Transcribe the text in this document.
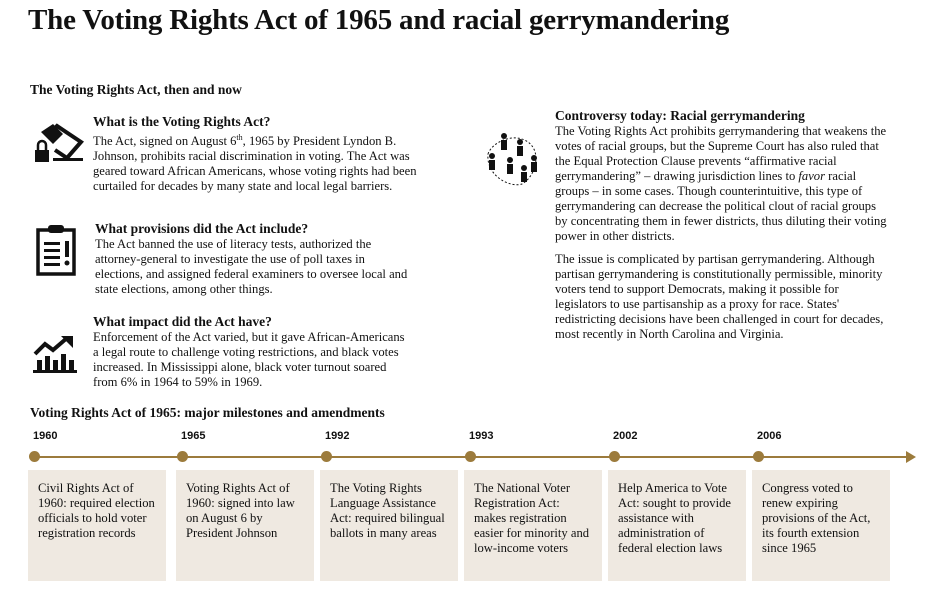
The Voting Rights Act of 1965 and racial gerrymandering
The Voting Rights Act, then and now
What is the Voting Rights Act?

The Act, signed on August 6th, 1965 by President Lyndon B. Johnson, prohibits racial discrimination in voting. The Act was geared toward African Americans, whose voting rights had been curtailed for decades by many state and local legal barriers.

What provisions did the Act include?

The Act banned the use of literacy tests, authorized the attorney-general to investigate the use of poll taxes in elections, and assigned federal examiners to oversee local and state elections, among other things.

What impact did the Act have?

Enforcement of the Act varied, but it gave African-Americans a legal route to challenge voting restrictions, and black votes increased. In Mississippi alone, black voter turnout soared from 6% in 1964 to 59% in 1969.

Controversy today: Racial gerrymandering

The Voting Rights Act prohibits gerrymandering that weakens the votes of racial groups, but the Supreme Court has also ruled that the Equal Protection Clause prevents “affirmative racial gerrymandering” – drawing jurisdiction lines to favor racial groups – in some cases. Though counterintuitive, this type of gerrymandering can decrease the political clout of racial groups by concentrating them in fewer districts, thus diluting their voting power in other districts.

The issue is complicated by partisan gerrymandering. Although partisan gerrymandering is constitutionally permissible, minority voters tend to support Democrats, making it possible for legislators to use partisanship as a proxy for race. States' redistricting decisions have been challenged in court for decades, most recently in North Carolina and Virginia.

Voting Rights Act of 1965: major milestones and amendments
1960
Civil Rights Act of 1960: required election officials to hold voter registration records
1965
Voting Rights Act of 1960: signed into law on August 6 by President Johnson
1992
The Voting Rights Language Assistance Act: required bilingual ballots in many areas
1993
The National Voter Registration Act: makes registration easier for minority and low-income voters
2002
Help America to Vote Act: sought to provide assistance with administration of federal election laws
2006
Congress voted to renew expiring provisions of the Act, its fourth extension since 1965
